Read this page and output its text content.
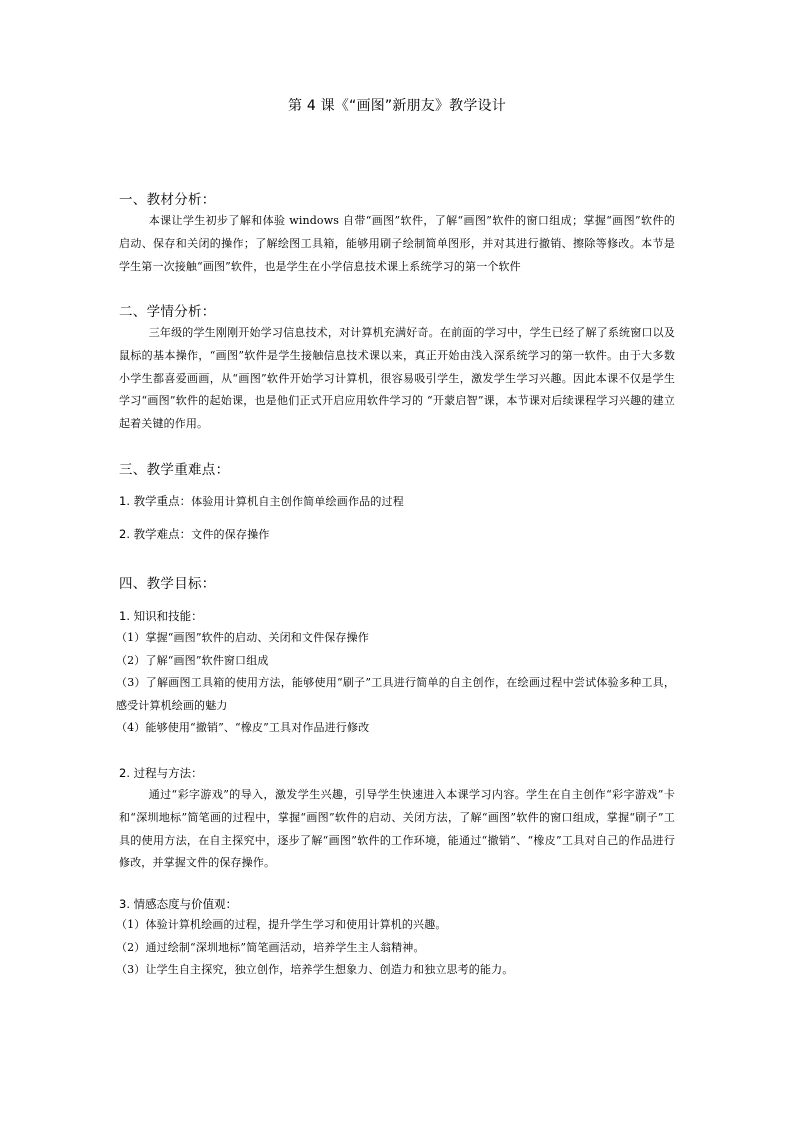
第 4 课《“画图”新朋友》教学设计
一、教材分析：
本课让学生初步了解和体验 windows 自带“画图”软件，了解“画图”软件的窗口组成；掌握“画图”软件的启动、保存和关闭的操作；了解绘图工具箱，能够用刷子绘制简单图形，并对其进行撤销、擦除等修改。本节是学生第一次接触“画图”软件，也是学生在小学信息技术课上系统学习的第一个软件
二、学情分析：
三年级的学生刚刚开始学习信息技术，对计算机充满好奇。在前面的学习中，学生已经了解了系统窗口以及鼠标的基本操作，“画图”软件是学生接触信息技术课以来，真正开始由浅入深系统学习的第一软件。由于大多数小学生都喜爱画画，从“画图”软件开始学习计算机，很容易吸引学生，激发学生学习兴趣。因此本课不仅是学生学习“画图”软件的起始课，也是他们正式开启应用软件学习的 “开蒙启智”课，本节课对后续课程学习兴趣的建立起着关键的作用。
三、教学重难点：
1. 教学重点：体验用计算机自主创作简单绘画作品的过程
2. 教学难点：文件的保存操作
四、教学目标：
1. 知识和技能：
（1）掌握“画图”软件的启动、关闭和文件保存操作
（2）了解“画图”软件窗口组成
（3）了解画图工具箱的使用方法，能够使用“刷子”工具进行简单的自主创作，在绘画过程中尝试体验多种工具，感受计算机绘画的魅力
（4）能够使用“撤销”、“橡皮”工具对作品进行修改
2. 过程与方法：
通过“彩字游戏”的导入，激发学生兴趣，引导学生快速进入本课学习内容。学生在自主创作“彩字游戏”卡和“深圳地标”简笔画的过程中，掌握“画图”软件的启动、关闭方法，了解“画图”软件的窗口组成，掌握“刷子”工具的使用方法，在自主探究中，逐步了解“画图”软件的工作环境，能通过“撤销”、“橡皮”工具对自己的作品进行修改，并掌握文件的保存操作。
3. 情感态度与价值观：
（1）体验计算机绘画的过程，提升学生学习和使用计算机的兴趣。
（2）通过绘制“深圳地标”简笔画活动，培养学生主人翁精神。
（3）让学生自主探究，独立创作，培养学生想象力、创造力和独立思考的能力。
